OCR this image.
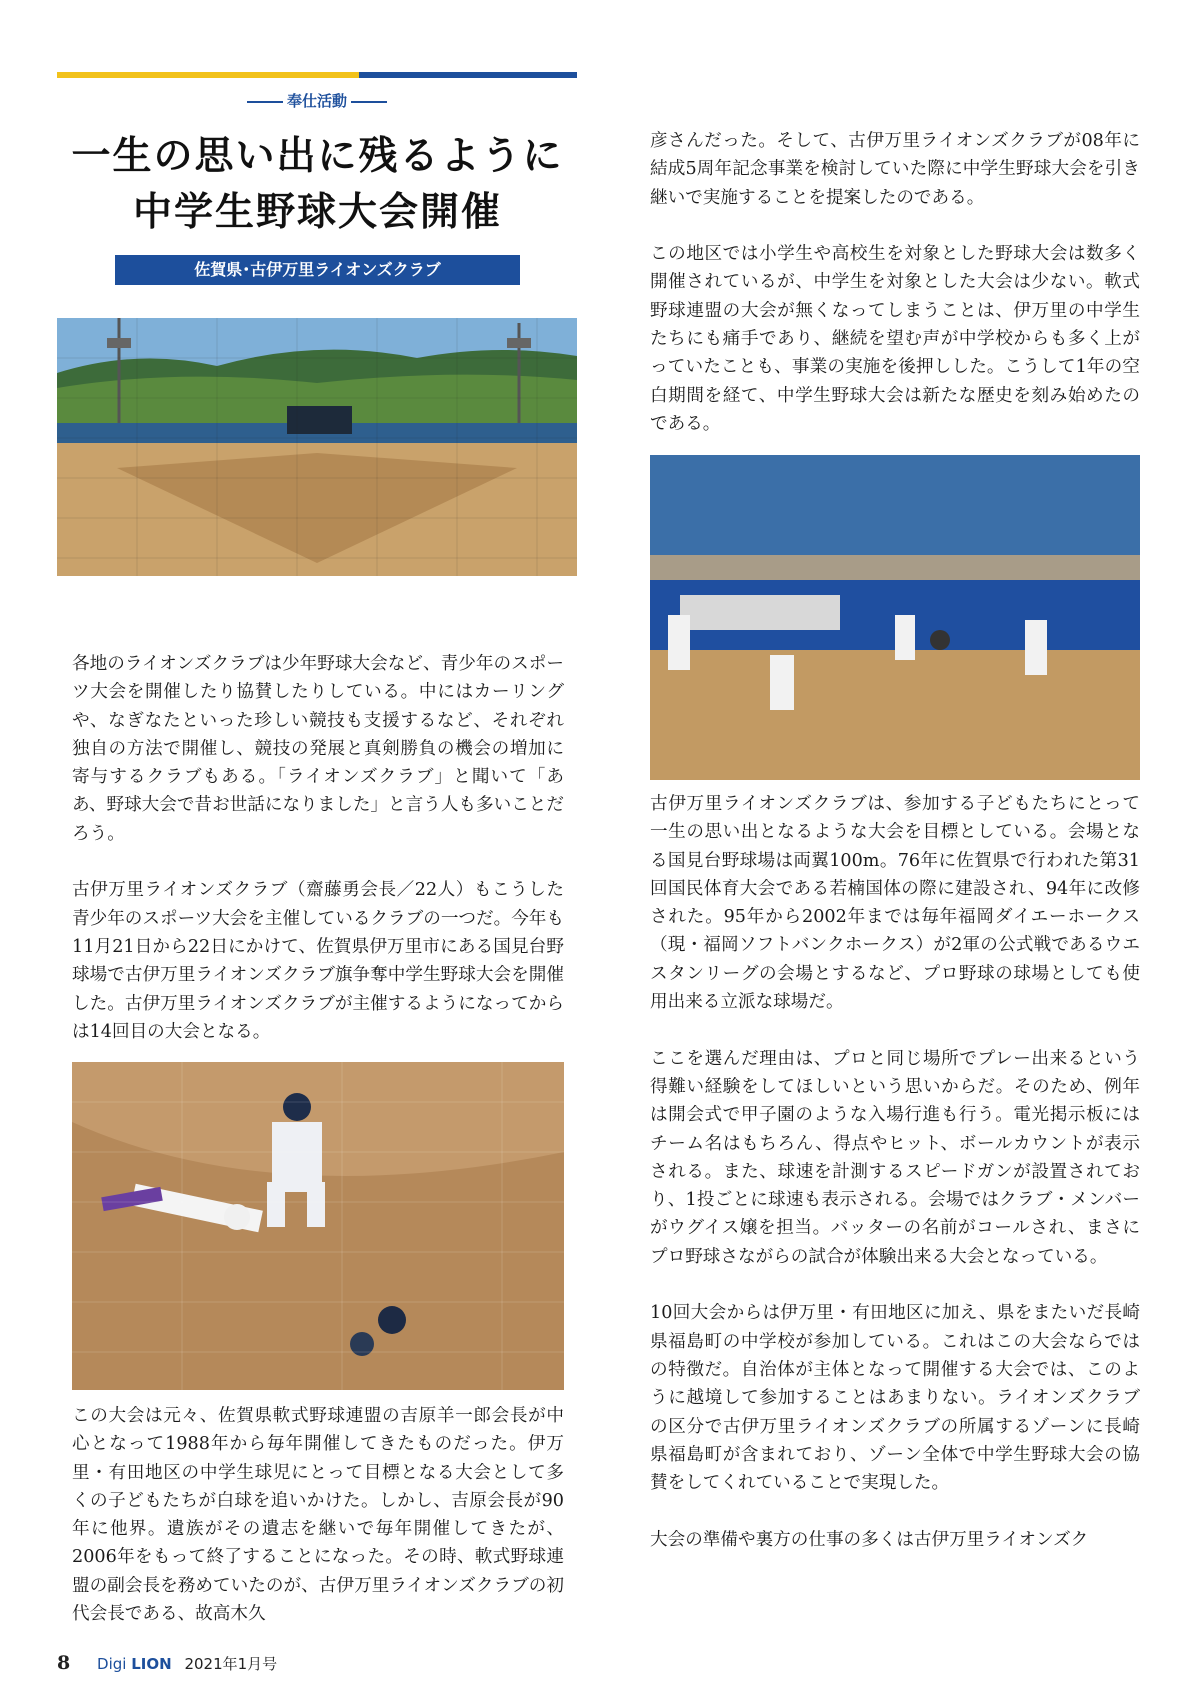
奉仕活動
一生の思い出に残るように
中学生野球大会開催
佐賀県･古伊万里ライオンズクラブ

各地のライオンズクラブは少年野球大会など、青少年のスポーツ大会を開催したり協賛したりしている。中にはカーリングや、なぎなたといった珍しい競技も支援するなど、それぞれ独自の方法で開催し、競技の発展と真剣勝負の機会の増加に寄与するクラブもある。「ライオンズクラブ」と聞いて「ああ、野球大会で昔お世話になりました」と言う人も多いことだろう。

古伊万里ライオンズクラブ（齋藤勇会長／22人）もこうした青少年のスポーツ大会を主催しているクラブの一つだ。今年も11月21日から22日にかけて、佐賀県伊万里市にある国見台野球場で古伊万里ライオンズクラブ旗争奪中学生野球大会を開催した。古伊万里ライオンズクラブが主催するようになってからは14回目の大会となる。

この大会は元々、佐賀県軟式野球連盟の吉原羊一郎会長が中心となって1988年から毎年開催してきたものだった。伊万里・有田地区の中学生球児にとって目標となる大会として多くの子どもたちが白球を追いかけた。しかし、吉原会長が90年に他界。遺族がその遺志を継いで毎年開催してきたが、2006年をもって終了することになった。その時、軟式野球連盟の副会長を務めていたのが、古伊万里ライオンズクラブの初代会長である、故高木久

彦さんだった。そして、古伊万里ライオンズクラブが08年に結成5周年記念事業を検討していた際に中学生野球大会を引き継いで実施することを提案したのである。

この地区では小学生や高校生を対象とした野球大会は数多く開催されているが、中学生を対象とした大会は少ない。軟式野球連盟の大会が無くなってしまうことは、伊万里の中学生たちにも痛手であり、継続を望む声が中学校からも多く上がっていたことも、事業の実施を後押しした。こうして1年の空白期間を経て、中学生野球大会は新たな歴史を刻み始めたのである。

古伊万里ライオンズクラブは、参加する子どもたちにとって一生の思い出となるような大会を目標としている。会場となる国見台野球場は両翼100m。76年に佐賀県で行われた第31回国民体育大会である若楠国体の際に建設され、94年に改修された。95年から2002年までは毎年福岡ダイエーホークス（現・福岡ソフトバンクホークス）が2軍の公式戦であるウエスタンリーグの会場とするなど、プロ野球の球場としても使用出来る立派な球場だ。

ここを選んだ理由は、プロと同じ場所でプレー出来るという得難い経験をしてほしいという思いからだ。そのため、例年は開会式で甲子園のような入場行進も行う。電光掲示板にはチーム名はもちろん、得点やヒット、ボールカウントが表示される。また、球速を計測するスピードガンが設置されており、1投ごとに球速も表示される。会場ではクラブ・メンバーがウグイス嬢を担当。バッターの名前がコールされ、まさにプロ野球さながらの試合が体験出来る大会となっている。

10回大会からは伊万里・有田地区に加え、県をまたいだ長崎県福島町の中学校が参加している。これはこの大会ならではの特徴だ。自治体が主体となって開催する大会では、このように越境して参加することはあまりない。ライオンズクラブの区分で古伊万里ライオンズクラブの所属するゾーンに長崎県福島町が含まれており、ゾーン全体で中学生野球大会の協賛をしてくれていることで実現した。

大会の準備や裏方の仕事の多くは古伊万里ライオンズク

8 Digi LION 2021年1月号
